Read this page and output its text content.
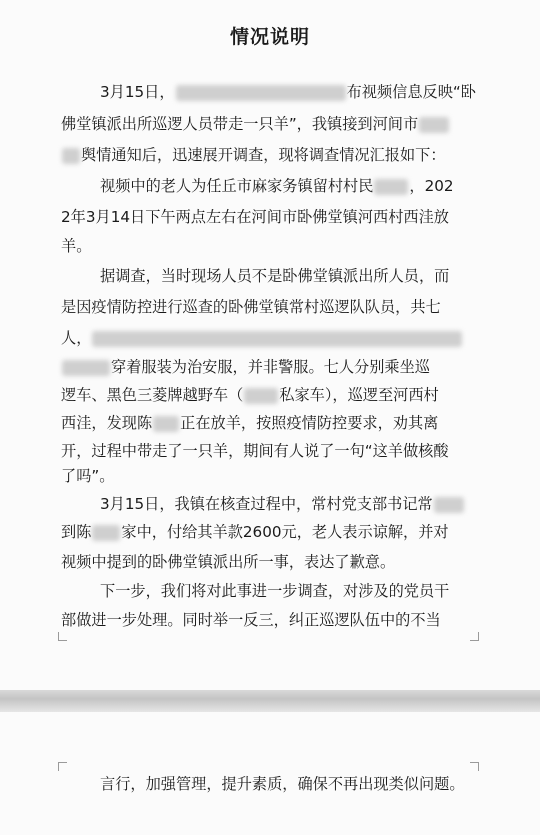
情况说明
3月15日，	布视频信息反映“卧
佛堂镇派出所巡逻人员带走一只羊”，我镇接到河间市
舆情通知后，迅速展开调查，现将调查情况汇报如下：
视频中的老人为任丘市麻家务镇留村村民 ，202
2年3月14日下午两点左右在河间市卧佛堂镇河西村西洼放
羊。
据调查，当时现场人员不是卧佛堂镇派出所人员，而
是因疫情防控进行巡查的卧佛堂镇常村巡逻队队员，共七
人，
穿着服装为治安服，并非警服。七人分别乘坐巡
逻车、黑色三菱牌越野车（ 私家车），巡逻至河西村
西洼，发现陈 正在放羊，按照疫情防控要求，劝其离
开，过程中带走了一只羊，期间有人说了一句“这羊做核酸
了吗”。
3月15日，我镇在核查过程中，常村党支部书记常
到陈 家中，付给其羊款2600元，老人表示谅解，并对
视频中提到的卧佛堂镇派出所一事，表达了歉意。
下一步，我们将对此事进一步调查，对涉及的党员干
部做进一步处理。同时举一反三，纠正巡逻队伍中的不当
言行，加强管理，提升素质，确保不再出现类似问题。
